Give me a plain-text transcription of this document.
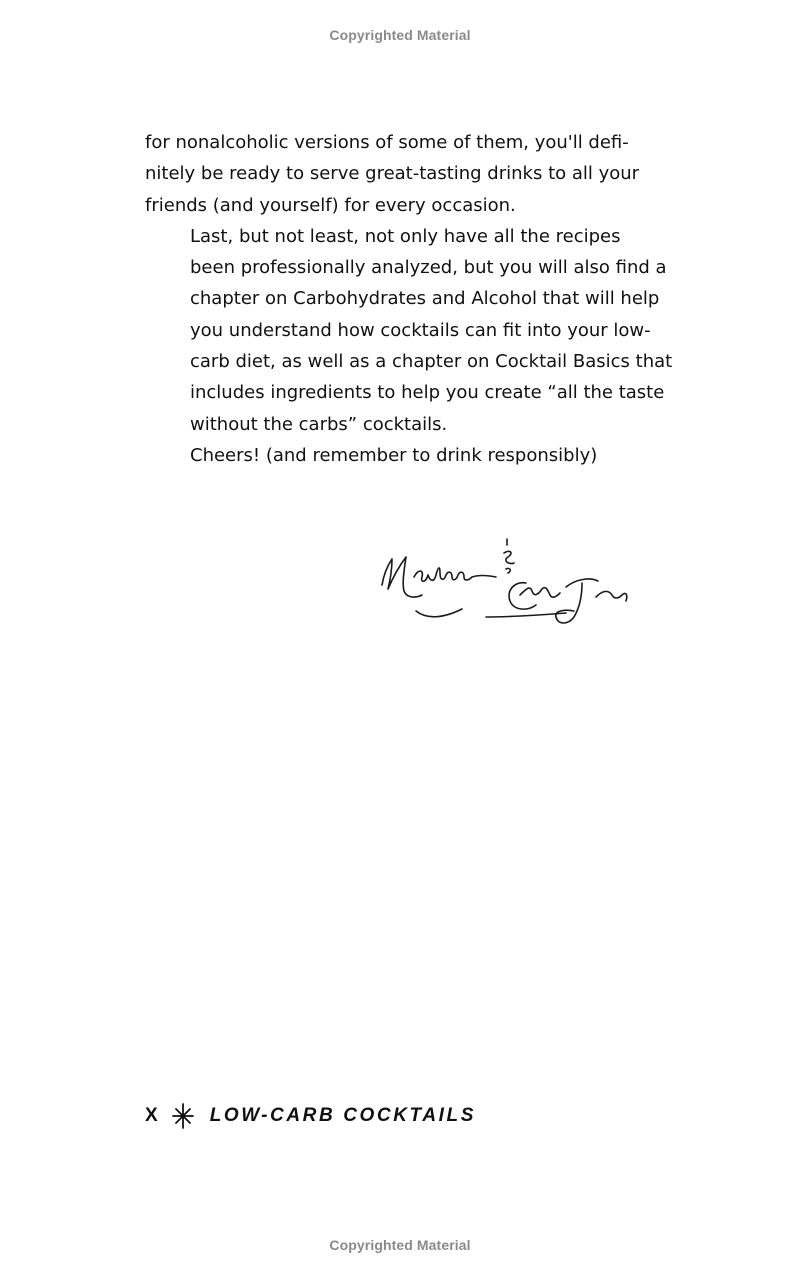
Copyrighted Material

for nonalcoholic versions of some of them, you'll defi-
nitely be ready to serve great-tasting drinks to all your
friends (and yourself) for every occasion.

Last, but not least, not only have all the recipes
been professionally analyzed, but you will also find a
chapter on Carbohydrates and Alcohol that will help
you understand how cocktails can fit into your low-
carb diet, as well as a chapter on Cocktail Basics that
includes ingredients to help you create “all the taste
without the carbs” cocktails.

Cheers! (and remember to drink responsibly)

X	LOW-CARB COCKTAILS
Copyrighted Material
